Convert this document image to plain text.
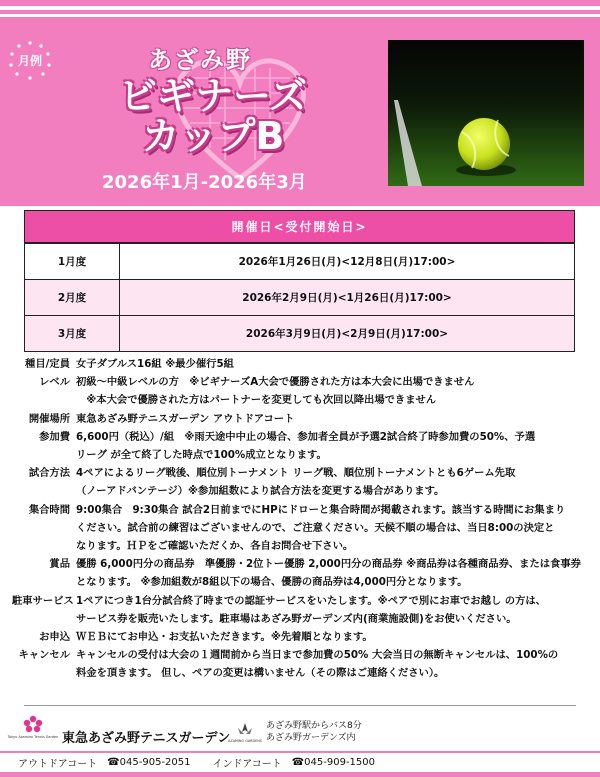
月例	あざみ野
ビギナーズ
カップB
2026年1月-2026年3月
開催日<受付開始日>
1月度	2026年1月26日(月)<12月8日(月)17:00>
2月度	2026年2月9日(月)<1月26日(月)17:00>
3月度	2026年3月9日(月)<2月9日(月)17:00>
種目/定員 女子ダブルス16組 ※最少催行5組
レベル 初級～中級レベルの方　※ビギナーズA大会で優勝された方は本大会に出場できません
　※本大会で優勝された方はパートナーを変更しても次回以降出場できません
開催場所 東急あざみ野テニスガーデン アウトドアコート
参加費 6,600円（税込）/組　※雨天途中中止の場合、参加者全員が予選2試合終了時参加費の50%、予選
リーグ が全て終了した時点で100%成立となります。
試合方法 4ペアによるリーグ戦後、順位別トーナメント リーグ戦、順位別トーナメントとも6ゲーム先取
（ノーアドバンテージ）※参加組数により試合方法を変更する場合があります。
集合時間 9:00集合　9:30集合 試合2日前までにHPにドローと集合時間が掲載されます。該当する時間にお集まり
ください。試合前の練習はございませんので、ご注意ください。天候不順の場合は、当日8:00の決定と
なります。ＨＰをご確認いただくか、各自お問合せ下さい。
賞品 優勝 6,000円分の商品券　準優勝・2位トー優勝 2,000円分の商品券 ※商品券は各種商品券、または食事券
となります。 ※参加組数が8組以下の場合、優勝の商品券は4,000円分となります。
駐車サービス 1ペアにつき1台分試合終了時までの認証サービスをいたします。※ペアで別にお車でお越し の方は、
サービス券を販売いたします。駐車場はあざみ野ガーデンズ内(商業施設側)をお使いください。
お申込 ＷＥＢにてお申込・お支払いただきます。※先着順となります。
キャンセル キャンセルの受付は大会の１週間前から当日まで参加費の50% 大会当日の無断キャンセルは、100%の
料金を頂きます。 但し、ペアの変更は構いません（その際はご連絡ください）。
Tokyu Azamino Tennis Garden 東急あざみ野テニスガーデン
AZAMINO GARDENS
あざみ野駅からバス8分
あざみ野ガーデンズ内
アウトドアコート ☎045-905-2051 インドアコート ☎045-909-1500
